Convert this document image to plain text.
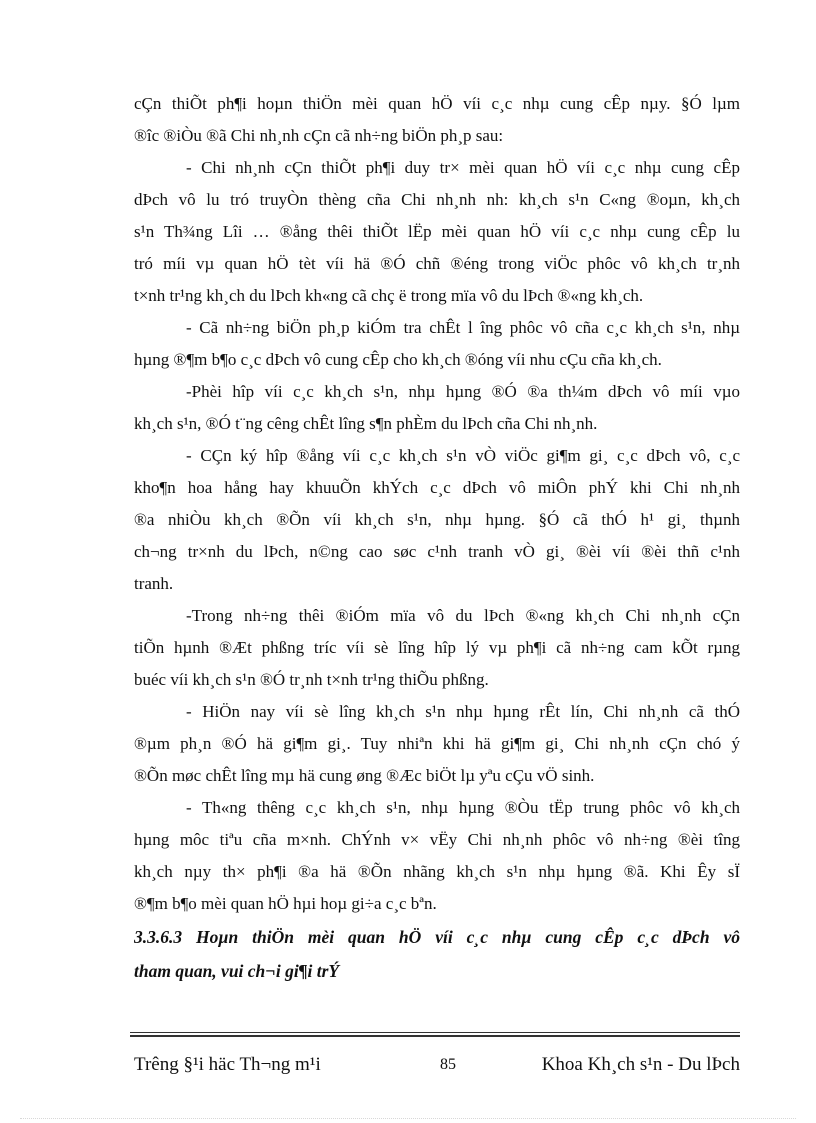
cÇn thiÕt ph¶i hoµn thiÖn mèi quan hÖ víi c¸c nhµ cung cÊp nµy. §Ó lµm
®îc ®iÒu ®ã Chi nh¸nh cÇn cã nh÷ng biÖn ph¸p sau:
- Chi nh¸nh cÇn thiÕt ph¶i duy tr× mèi quan hÖ víi c¸c nhµ cung cÊp
dÞch vô lu tró truyÒn thèng cña Chi nh¸nh nh: kh¸ch s¹n C«ng ®oµn, kh¸ch
s¹n Th¾ng Lîi … ®ång thêi thiÕt lËp mèi quan hÖ víi c¸c nhµ cung cÊp lu
tró míi vµ quan hÖ tèt víi hä ®Ó chñ ®éng trong viÖc phôc vô kh¸ch tr¸nh
t×nh tr¹ng kh¸ch du lÞch kh«ng cã chç ë trong mïa vô du lÞch ®«ng kh¸ch.
- Cã nh÷ng biÖn ph¸p kiÓm tra chÊt l îng phôc vô cña c¸c kh¸ch s¹n, nhµ
hµng ®¶m b¶o c¸c dÞch vô cung cÊp cho kh¸ch ®óng víi nhu cÇu cña kh¸ch.
-Phèi hîp víi c¸c kh¸ch s¹n, nhµ hµng ®Ó ®a th¼m dÞch vô míi vµo
kh¸ch s¹n, ®Ó t¨ng cêng chÊt lîng s¶n phÈm du lÞch cña Chi nh¸nh.
- CÇn ký hîp ®ång víi c¸c kh¸ch s¹n vÒ viÖc gi¶m gi¸ c¸c dÞch vô, c¸c
kho¶n hoa hång hay khuuÕn khÝch c¸c dÞch vô miÔn phÝ khi Chi nh¸nh
®a nhiÒu kh¸ch ®Õn víi kh¸ch s¹n, nhµ hµng. §Ó cã thÓ h¹ gi¸ thµnh
ch¬ng tr×nh du lÞch, n©ng cao søc c¹nh tranh vÒ gi¸ ®èi víi ®èi thñ c¹nh
tranh.
-Trong nh÷ng thêi ®iÓm mïa vô du lÞch ®«ng kh¸ch Chi nh¸nh cÇn
tiÕn hµnh ®Æt phßng tríc víi sè lîng hîp lý vµ ph¶i cã nh÷ng cam kÕt rµng
buéc víi kh¸ch s¹n ®Ó tr¸nh t×nh tr¹ng thiÕu phßng.
- HiÖn nay víi sè lîng kh¸ch s¹n nhµ hµng rÊt lín, Chi nh¸nh cã thÓ
®µm ph¸n ®Ó hä gi¶m gi¸. Tuy nhiªn khi hä gi¶m gi¸ Chi nh¸nh cÇn chó ý
®Õn møc chÊt lîng mµ hä cung øng ®Æc biÖt lµ yªu cÇu vÖ sinh.
- Th«ng thêng c¸c kh¸ch s¹n, nhµ hµng ®Òu tËp trung phôc vô kh¸ch
hµng môc tiªu cña m×nh. ChÝnh v× vËy Chi nh¸nh phôc vô nh÷ng ®èi tîng
kh¸ch nµy th× ph¶i ®a hä ®Õn nhãng kh¸ch s¹n nhµ hµng ®ã. Khi Êy sÏ
®¶m b¶o mèi quan hÖ hµi hoµ gi÷a c¸c bªn.
3.3.6.3 Hoµn thiÖn mèi quan hÖ víi c¸c nhµ cung cÊp c¸c dÞch vô
tham quan, vui ch¬i gi¶i trÝ
Trêng §¹i häc Th¬ng m¹i	85	Khoa Kh¸ch s¹n - Du lÞch
